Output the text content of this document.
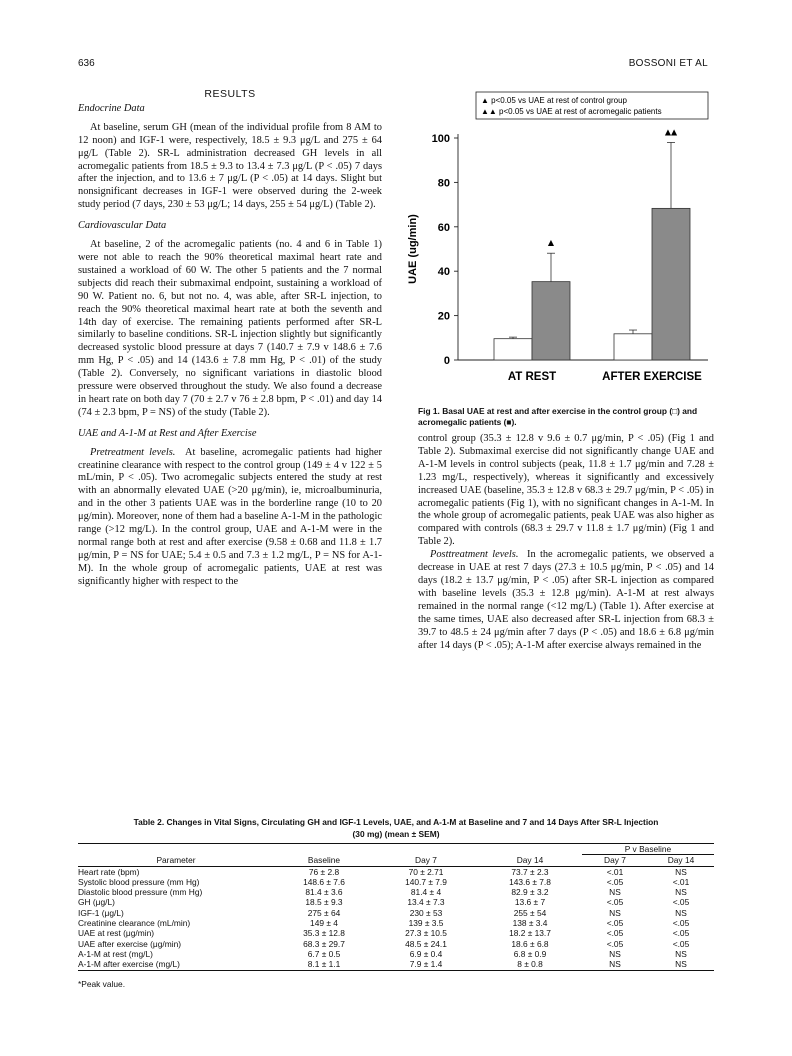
636	BOSSONI ET AL
RESULTS
Endocrine Data

At baseline, serum GH (mean of the individual profile from 8 AM to 12 noon) and IGF-1 were, respectively, 18.5 ± 9.3 μg/L and 275 ± 64 μg/L (Table 2). SR-L administration decreased GH levels in all acromegalic patients from 18.5 ± 9.3 to 13.4 ± 7.3 μg/L (P < .05) 7 days after the injection, and to 13.6 ± 7 μg/L (P < .05) at 14 days. Slight but nonsignificant decreases in IGF-1 were observed during the 2-week study period (7 days, 230 ± 53 μg/L; 14 days, 255 ± 54 μg/L) (Table 2).

Cardiovascular Data

At baseline, 2 of the acromegalic patients (no. 4 and 6 in Table 1) were not able to reach the 90% theoretical maximal heart rate and sustained a workload of 60 W. The other 5 patients and the 7 normal subjects did reach their submaximal endpoint, sustaining a workload of 90 W. Patient no. 6, but not no. 4, was able, after SR-L injection, to reach the 90% theoretical maximal heart rate at both the seventh and 14th day of exercise. The remaining patients performed after SR-L similarly to baseline conditions. SR-L injection slightly but significantly decreased systolic blood pressure at days 7 (140.7 ± 7.9 v 148.6 ± 7.6 mm Hg, P < .05) and 14 (143.6 ± 7.8 mm Hg, P < .01) of the study (Table 2). Conversely, no significant variations in diastolic blood pressure were observed throughout the study. We also found a decrease in heart rate on both day 7 (70 ± 2.7 v 76 ± 2.8 bpm, P < .01) and day 14 (74 ± 2.3 bpm, P = NS) of the study (Table 2).

UAE and A-1-M at Rest and After Exercise

Pretreatment levels. At baseline, acromegalic patients had higher creatinine clearance with respect to the control group (149 ± 4 v 122 ± 5 mL/min, P < .05). Two acromegalic subjects entered the study at rest with an abnormally elevated UAE (>20 μg/min), ie, microalbuminuria, and in the other 3 patients UAE was in the borderline range (10 to 20 μg/min). Moreover, none of them had a baseline A-1-M in the pathologic range (>12 mg/L). In the control group, UAE and A-1-M were in the normal range both at rest and after exercise (9.58 ± 0.68 and 11.8 ± 1.7 μg/min, P = NS for UAE; 5.4 ± 0.5 and 7.3 ± 1.2 mg/L, P = NS for A-1-M). In the whole group of acromegalic patients, UAE at rest was significantly higher with respect to the

▲ p<0.05 vs UAE at rest of control group
▲▲ p<0.05 vs UAE at rest of acromegalic patients
0
20
40
60
80
100
UAE (ug/min)
AT REST	AFTER EXERCISE
▲
▲▲
Fig 1. Basal UAE at rest and after exercise in the control group (□) and acromegalic patients (■).

control group (35.3 ± 12.8 v 9.6 ± 0.7 μg/min, P < .05) (Fig 1 and Table 2). Submaximal exercise did not significantly change UAE and A-1-M levels in control subjects (peak, 11.8 ± 1.7 μg/min and 7.28 ± 1.23 mg/L, respectively), whereas it significantly and excessively increased UAE (baseline, 35.3 ± 12.8 v 68.3 ± 29.7 μg/min, P < .05) in acromegalic patients (Fig 1), with no significant changes in A-1-M. In the whole group of acromegalic patients, peak UAE was also higher as compared with controls (68.3 ± 29.7 v 11.8 ± 1.7 μg/min) (Fig 1 and Table 2).

Posttreatment levels. In the acromegalic patients, we observed a decrease in UAE at rest 7 days (27.3 ± 10.5 μg/min, P < .05) and 14 days (18.2 ± 13.7 μg/min, P < .05) after SR-L injection as compared with baseline levels (35.3 ± 12.8 μg/min). A-1-M at rest always remained in the normal range (<12 mg/L) (Table 1). After exercise at the same times, UAE also decreased after SR-L injection from 68.3 ± 39.7 to 48.5 ± 24 μg/min after 7 days (P < .05) and 18.6 ± 6.8 μg/min after 14 days (P < .05); A-1-M after exercise always remained in the

Table 2. Changes in Vital Signs, Circulating GH and IGF-1 Levels, UAE, and A-1-M at Baseline and 7 and 14 Days After SR-L Injection
(30 mg) (mean ± SEM)
				P v Baseline	
Parameter	Baseline	Day 7	Day 14	Day 7	Day 14
Heart rate (bpm)	76 ± 2.8	70 ± 2.71	73.7 ± 2.3	<.01	NS
Systolic blood pressure (mm Hg)	148.6 ± 7.6	140.7 ± 7.9	143.6 ± 7.8	<.05	<.01
Diastolic blood pressure (mm Hg)	81.4 ± 3.6	81.4 ± 4	82.9 ± 3.2	NS	NS
GH (μg/L)	18.5 ± 9.3	13.4 ± 7.3	13.6 ± 7	<.05	<.05
IGF-1 (μg/L)	275 ± 64	230 ± 53	255 ± 54	NS	NS
Creatinine clearance (mL/min)	149 ± 4	139 ± 3.5	138 ± 3.4	<.05	<.05
UAE at rest (μg/min)	35.3 ± 12.8	27.3 ± 10.5	18.2 ± 13.7	<.05	<.05
UAE after exercise (μg/min)	68.3 ± 29.7	48.5 ± 24.1	18.6 ± 6.8	<.05	<.05
A-1-M at rest (mg/L)	6.7 ± 0.5	6.9 ± 0.4	6.8 ± 0.9	NS	NS
A-1-M after exercise (mg/L)	8.1 ± 1.1	7.9 ± 1.4	8 ± 0.8	NS	NS
*Peak value.
